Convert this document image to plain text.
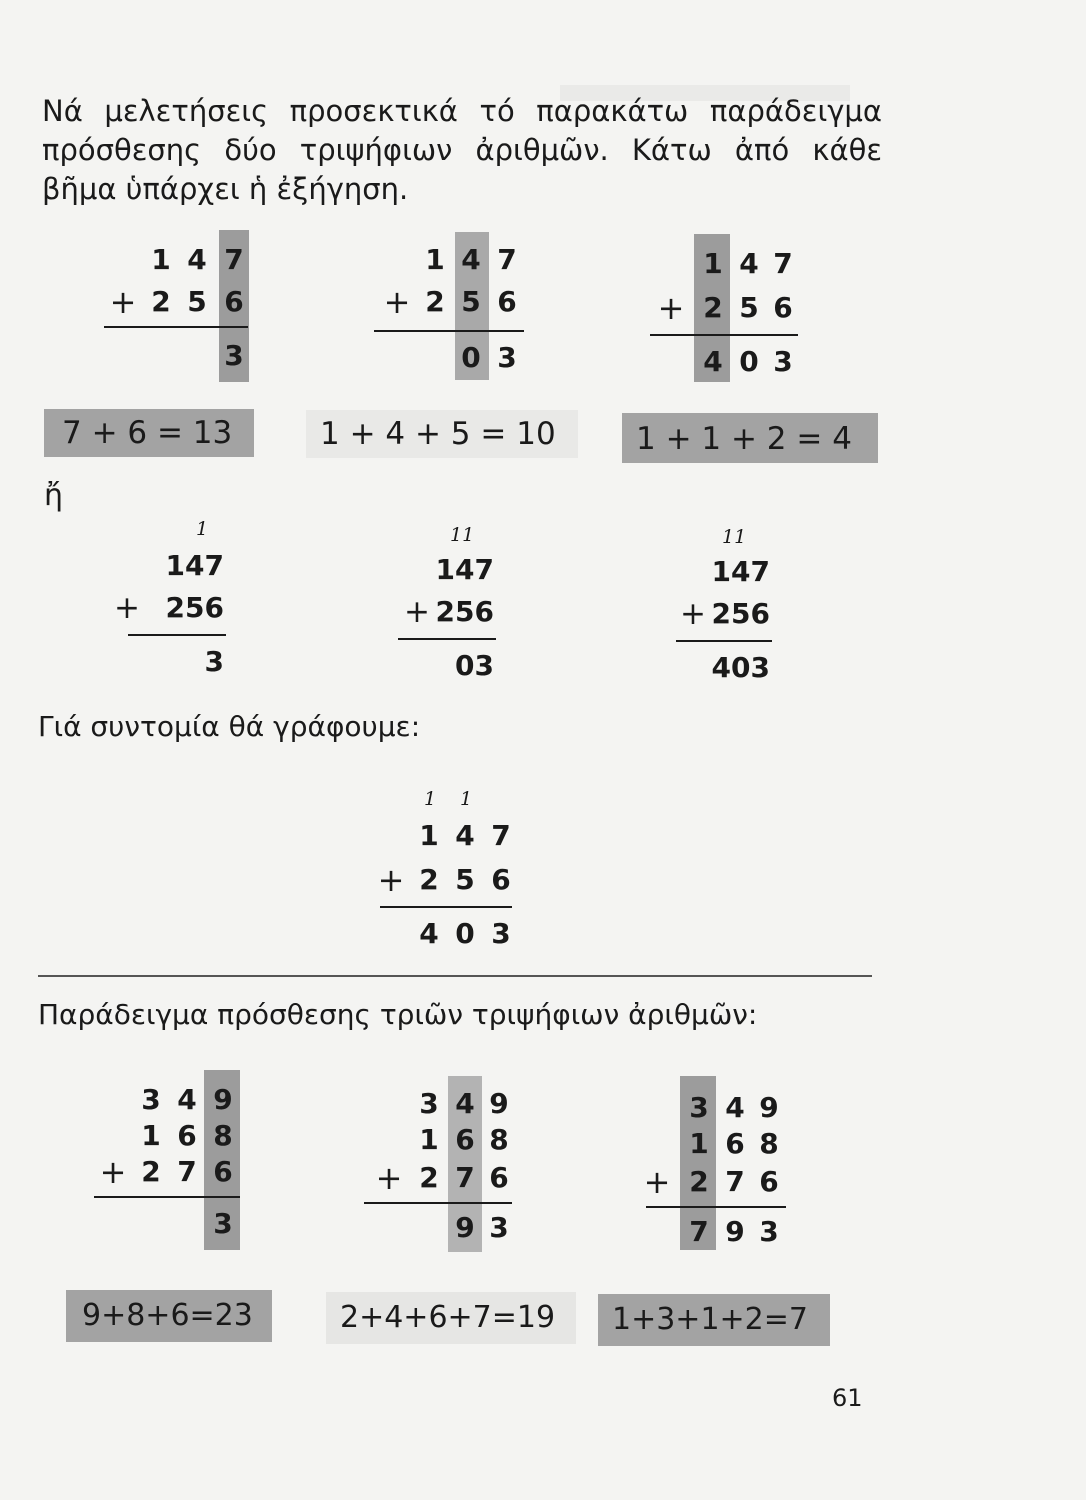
Νά μελετήσεις προσεκτικά τό παρακάτω παράδειγμα πρόσθεσης δύο τριψήφιων ἀριθμῶν. Κάτω ἀπό κάθε βῆμα ὑπάρχει ἡ ἐξήγηση.
1 4 7
+ 2 5 6
3
7 + 6 = 13
1 4 7
+ 2 5 6
0 3
1 + 4 + 5 = 10
1 4 7
+ 2 5 6
4 0 3
1 + 1 + 2 = 4
ἤ
1
147
+ 256
3
11
147
+ 256
03
11
147
+ 256
403
Γιά συντομία θά γράφουμε:
1 1
1 4 7
+ 2 5 6
4 0 3
Παράδειγμα πρόσθεσης τριῶν τριψήφιων ἀριθμῶν:
3 4 9
1 6 8
+ 2 7 6
3
9+8+6=23
3 4 9
1 6 8
+ 2 7 6
9 3
2+4+6+7=19
3 4 9
1 6 8
+ 2 7 6
7 9 3
1+3+1+2=7
61
